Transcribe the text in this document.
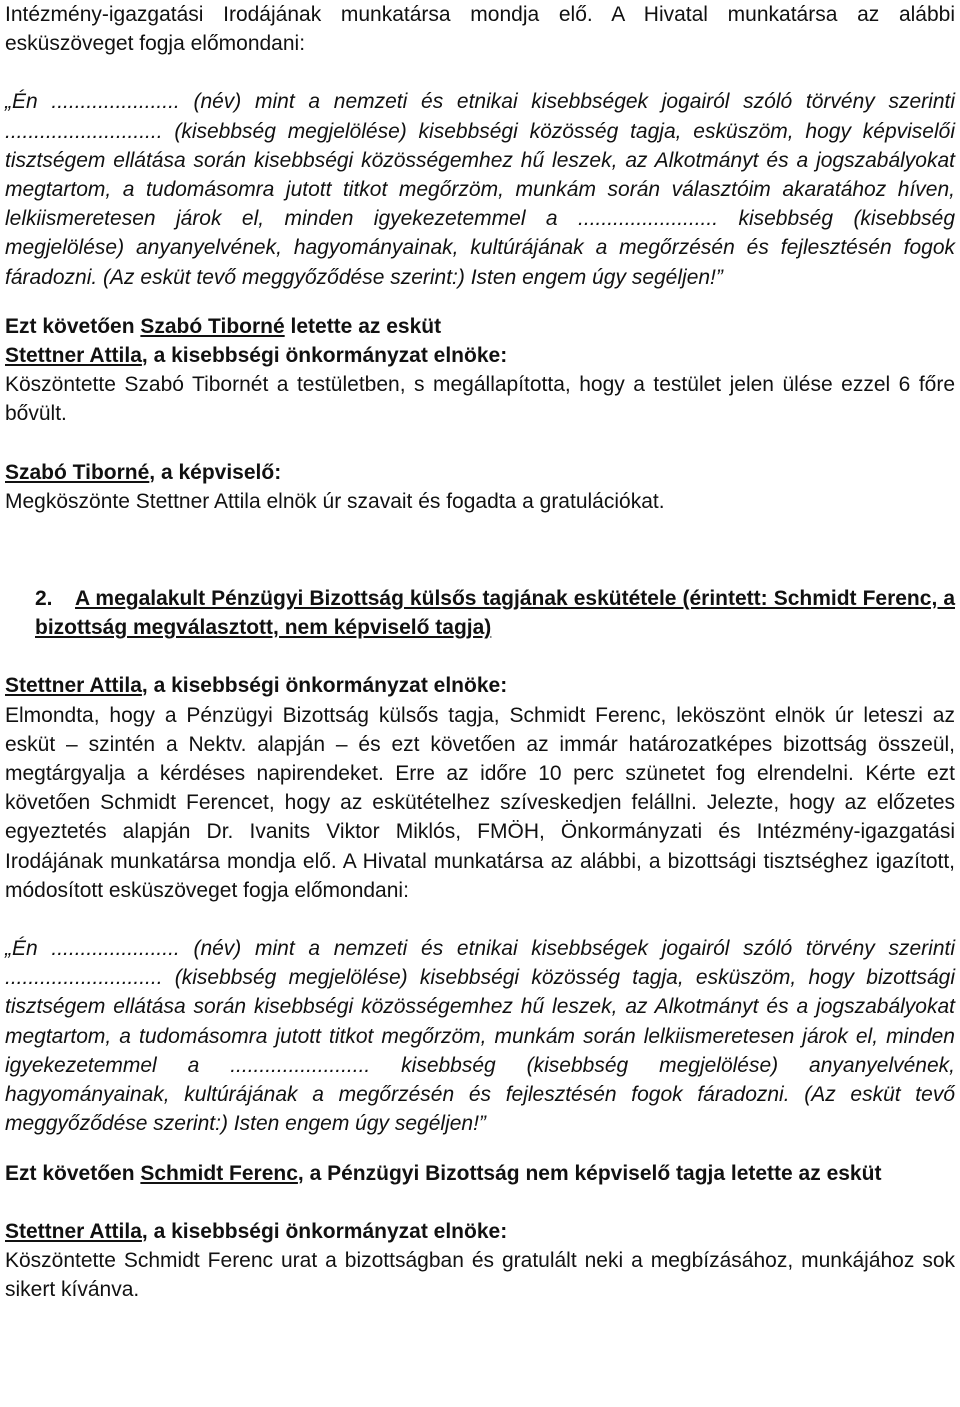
Intézmény-igazgatási Irodájának munkatársa mondja elő. A Hivatal munkatársa az alábbi esküszöveget fogja előmondani:

„Én ...................... (név) mint a nemzeti és etnikai kisebbségek jogairól szóló törvény szerinti ........................... (kisebbség megjelölése) kisebbségi közösség tagja, esküszöm, hogy képviselői tisztségem ellátása során kisebbségi közösségemhez hű leszek, az Alkotmányt és a jogszabályokat megtartom, a tudomásomra jutott titkot megőrzöm, munkám során választóim akaratához híven, lelkiismeretesen járok el, minden igyekezetemmel a ........................ kisebbség (kisebbség megjelölése) anyanyelvének, hagyományainak, kultúrájának a megőrzésén és fejlesztésén fogok fáradozni. (Az esküt tevő meggyőződése szerint:) Isten engem úgy segéljen!”

Ezt követően Szabó Tiborné letette az esküt

Stettner Attila, a kisebbségi önkormányzat elnöke:

Köszöntette Szabó Tibornét a testületben, s megállapította, hogy a testület jelen ülése ezzel 6 főre bővült.

Szabó Tiborné, a képviselő:

Megköszönte Stettner Attila elnök úr szavait és fogadta a gratulációkat.

2. A megalakult Pénzügyi Bizottság külsős tagjának eskütétele (érintett: Schmidt Ferenc, a bizottság megválasztott, nem képviselő tagja)

Stettner Attila, a kisebbségi önkormányzat elnöke:

Elmondta, hogy a Pénzügyi Bizottság külsős tagja, Schmidt Ferenc, leköszönt elnök úr leteszi az esküt – szintén a Nektv. alapján – és ezt követően az immár határozatképes bizottság összeül, megtárgyalja a kérdéses napirendeket. Erre az időre 10 perc szünetet fog elrendelni. Kérte ezt követően Schmidt Ferencet, hogy az eskütételhez szíveskedjen felállni. Jelezte, hogy az előzetes egyeztetés alapján Dr. Ivanits Viktor Miklós, FMÖH, Önkormányzati és Intézmény-igazgatási Irodájának munkatársa mondja elő. A Hivatal munkatársa az alábbi, a bizottsági tisztséghez igazított, módosított esküszöveget fogja előmondani:

„Én ...................... (név) mint a nemzeti és etnikai kisebbségek jogairól szóló törvény szerinti ........................... (kisebbség megjelölése) kisebbségi közösség tagja, esküszöm, hogy bizottsági tisztségem ellátása során kisebbségi közösségemhez hű leszek, az Alkotmányt és a jogszabályokat megtartom, a tudomásomra jutott titkot megőrzöm, munkám során lelkiismeretesen járok el, minden igyekezetemmel a ........................ kisebbség (kisebbség megjelölése) anyanyelvének, hagyományainak, kultúrájának a megőrzésén és fejlesztésén fogok fáradozni. (Az esküt tevő meggyőződése szerint:) Isten engem úgy segéljen!”

Ezt követően Schmidt Ferenc, a Pénzügyi Bizottság nem képviselő tagja letette az esküt

Stettner Attila, a kisebbségi önkormányzat elnöke:

Köszöntette Schmidt Ferenc urat a bizottságban és gratulált neki a megbízásához, munkájához sok sikert kívánva.
